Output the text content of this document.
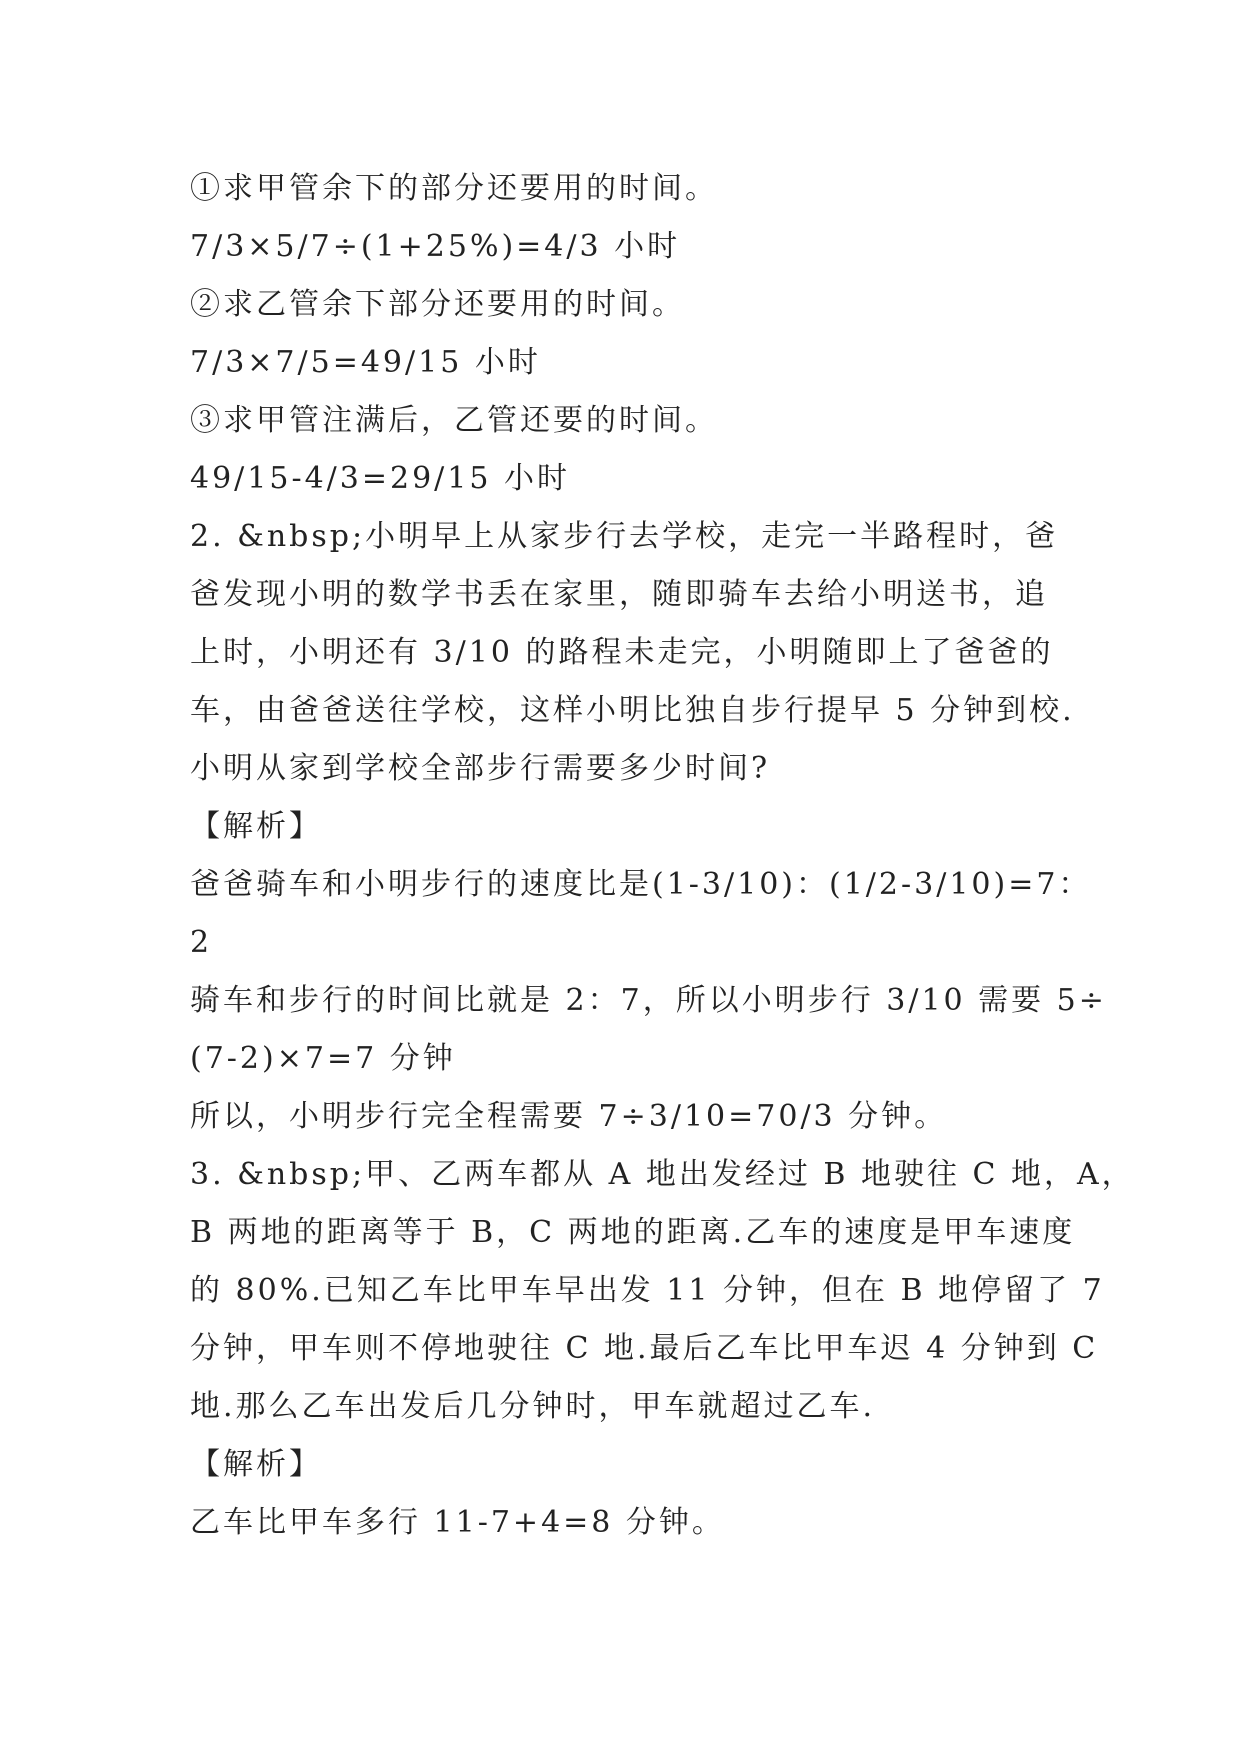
①求甲管余下的部分还要用的时间。
7/3×5/7÷(1+25%)=4/3 小时
②求乙管余下部分还要用的时间。
7/3×7/5=49/15 小时
③求甲管注满后，乙管还要的时间。
49/15-4/3=29/15 小时
2. &nbsp;小明早上从家步行去学校，走完一半路程时，爸
爸发现小明的数学书丢在家里，随即骑车去给小明送书，追
上时，小明还有 3/10 的路程未走完，小明随即上了爸爸的
车，由爸爸送往学校，这样小明比独自步行提早 5 分钟到校.
小明从家到学校全部步行需要多少时间?
【解析】
爸爸骑车和小明步行的速度比是(1-3/10)：(1/2-3/10)=7：
2
骑车和步行的时间比就是 2：7，所以小明步行 3/10 需要 5÷
(7-2)×7=7 分钟
所以，小明步行完全程需要 7÷3/10=70/3 分钟。
3. &nbsp;甲、乙两车都从 A 地出发经过 B 地驶往 C 地，A，
B 两地的距离等于 B，C 两地的距离.乙车的速度是甲车速度
的 80%.已知乙车比甲车早出发 11 分钟，但在 B 地停留了 7
分钟，甲车则不停地驶往 C 地.最后乙车比甲车迟 4 分钟到 C
地.那么乙车出发后几分钟时，甲车就超过乙车.
【解析】
乙车比甲车多行 11-7+4=8 分钟。
